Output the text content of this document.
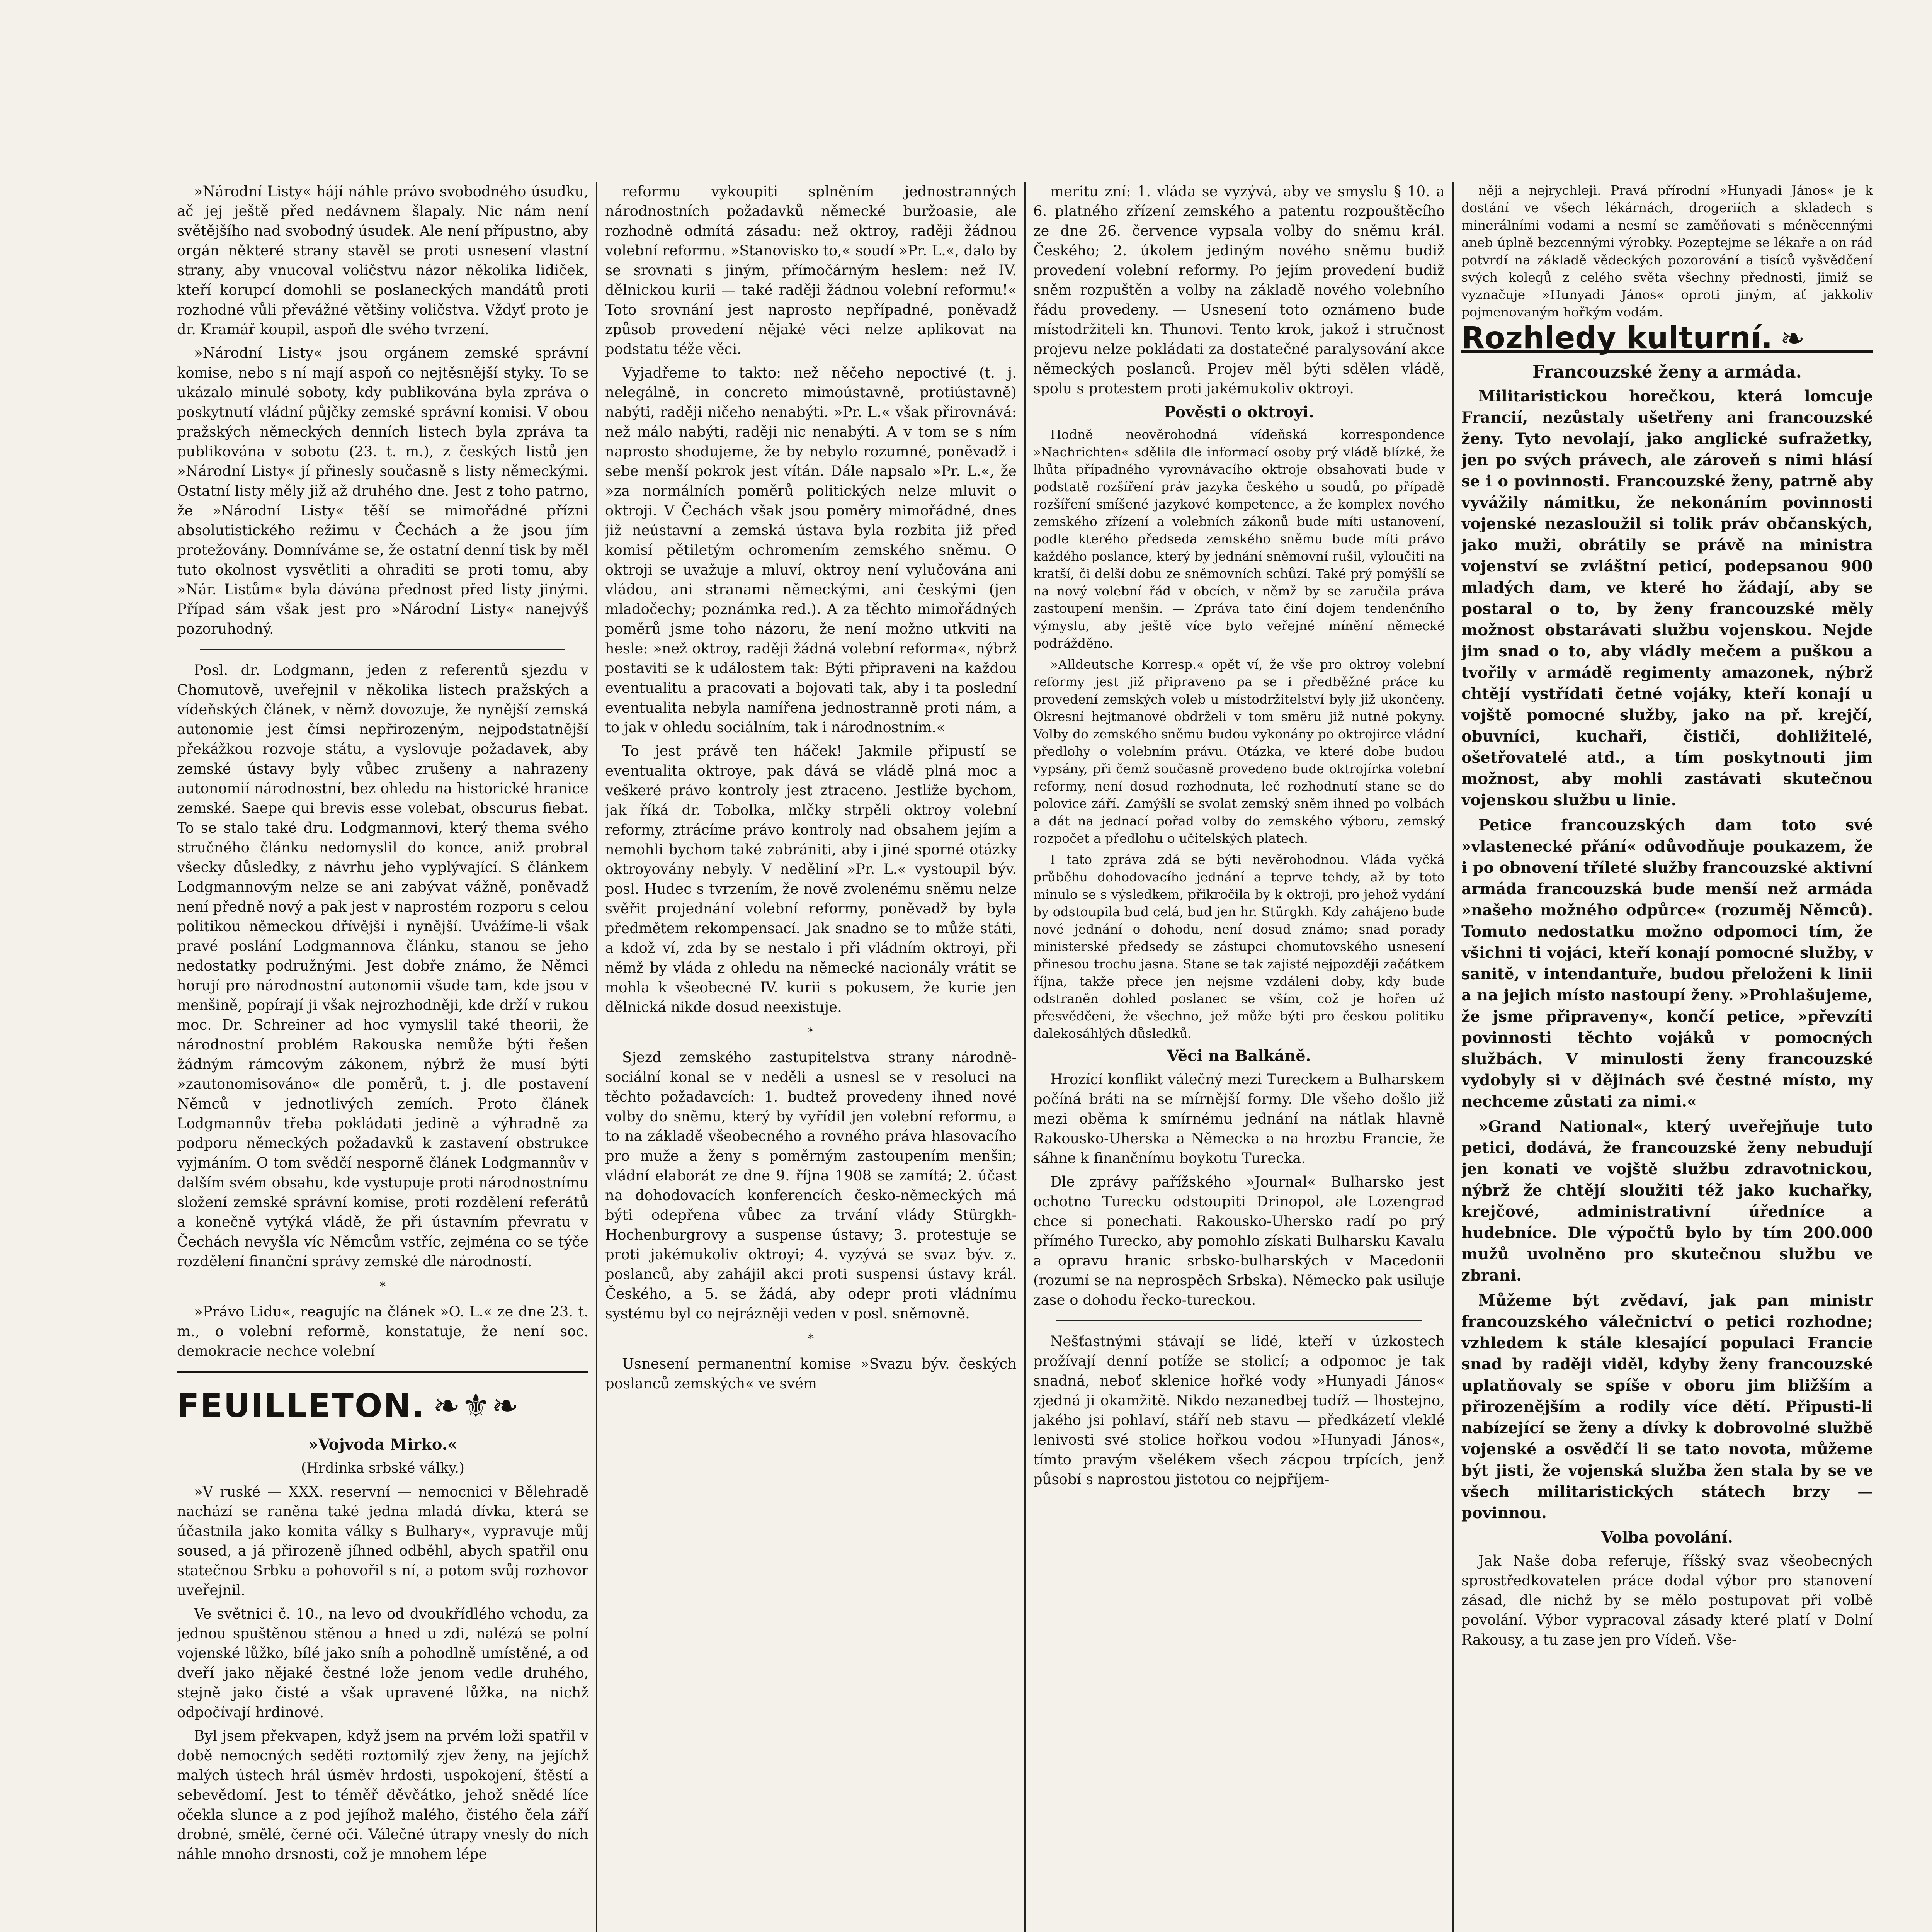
»Národní Listy« hájí náhle právo svobodného úsudku, ač jej ještě před nedávnem šlapaly. Nic nám není světějšího nad svobodný úsudek. Ale není přípustno, aby orgán některé strany stavěl se proti usnesení vlastní strany, aby vnucoval voličstvu názor několika lidiček, kteří korupcí domohli se poslaneckých mandátů proti rozhodné vůli převážné většiny voličstva. Vždyť proto je dr. Kramář koupil, aspoň dle svého tvrzení.

»Národní Listy« jsou orgánem zemské správní komise, nebo s ní mají aspoň co nejtěsnější styky. To se ukázalo minulé soboty, kdy publikována byla zpráva o poskytnutí vládní půjčky zemské správní komisi. V obou pražských německých denních listech byla zpráva ta publikována v sobotu (23. t. m.), z českých listů jen »Národní Listy« jí přinesly současně s listy německými. Ostatní listy měly již až druhého dne. Jest z toho patrno, že »Národní Listy« těší se mimořádné přízni absolutistického režimu v Čechách a že jsou jím protežovány. Domníváme se, že ostatní denní tisk by měl tuto okolnost vysvětliti a ohraditi se proti tomu, aby »Nár. Listům« byla dávána přednost před listy jinými. Případ sám však jest pro »Národní Listy« nanejvýš pozoruhodný.

Posl. dr. Lodgmann, jeden z referentů sjezdu v Chomutově, uveřejnil v několika listech pražských a vídeňských článek, v němž dovozuje, že nynější zemská autonomie jest čímsi nepřirozeným, nejpodstatnější překážkou rozvoje státu, a vyslovuje požadavek, aby zemské ústavy byly vůbec zrušeny a nahrazeny autonomií národnostní, bez ohledu na historické hranice zemské. Saepe qui brevis esse volebat, obscurus fiebat. To se stalo také dru. Lodgmannovi, který thema svého stručného článku nedomyslil do konce, aniž probral všecky důsledky, z návrhu jeho vyplývající. S článkem Lodgmannovým nelze se ani zabývat vážně, poněvadž není předně nový a pak jest v naprostém rozporu s celou politikou německou dřívější i nynější. Uvážíme-li však pravé poslání Lodgmannova článku, stanou se jeho nedostatky podružnými. Jest dobře známo, že Němci horují pro národnostní autonomii všude tam, kde jsou v menšině, popírají ji však nejrozhodněji, kde drží v rukou moc. Dr. Schreiner ad hoc vymyslil také theorii, že národnostní problém Rakouska nemůže býti řešen žádným rámcovým zákonem, nýbrž že musí býti »zautonomisováno« dle poměrů, t. j. dle postavení Němců v jednotlivých zemích. Proto článek Lodgmannův třeba pokládati jedině a výhradně za podporu německých požadavků k zastavení obstrukce vyjmáním. O tom svědčí nesporně článek Lodgmannův v dalším svém obsahu, kde vystupuje proti národnostnímu složení zemské správní komise, proti rozdělení referátů a konečně vytýká vládě, že při ústavním převratu v Čechách nevyšla víc Němcům vstříc, zejména co se týče rozdělení finanční správy zemské dle národností.

*

»Právo Lidu«, reagujíc na článek »O. L.« ze dne 23. t. m., o volební reformě, konstatuje, že není soc. demokracie nechce volební

FEUILLETON. ❧⚜❧

»Vojvoda Mirko.«

(Hrdinka srbské války.)

»V ruské — XXX. reservní — nemocnici v Bělehradě nachází se raněna také jedna mladá dívka, která se účastnila jako komita války s Bulhary«, vypravuje můj soused, a já přirozeně jíhned odběhl, abych spatřil onu statečnou Srbku a pohovořil s ní, a potom svůj rozhovor uveřejnil.

Ve světnici č. 10., na levo od dvoukřídlého vchodu, za jednou spuštěnou stěnou a hned u zdi, nalézá se polní vojenské lůžko, bílé jako sníh a pohodlně umístěné, a od dveří jako nějaké čestné lože jenom vedle druhého, stejně jako čisté a však upravené lůžka, na nichž odpočívají hrdinové.

Byl jsem překvapen, když jsem na prvém loži spatřil v době nemocných seděti roztomilý zjev ženy, na jejíchž malých ústech hrál úsměv hrdosti, uspokojení, štěstí a sebevědomí. Jest to téměř děvčátko, jehož snědé líce očekla slunce a z pod jejíhož malého, čistého čela září drobné, smělé, černé oči. Válečné útrapy vnesly do ních náhle mnoho drsnosti, což je mnohem lépe

reformu vykoupiti splněním jednostranných národnostních požadavků německé buržoasie, ale rozhodně odmítá zásadu: než oktroy, raději žádnou volební reformu. »Stanovisko to,« soudí »Pr. L.«, dalo by se srovnati s jiným, přímočárným heslem: než IV. dělnickou kurii — také raději žádnou volební reformu!« Toto srovnání jest naprosto nepřípadné, poněvadž způsob provedení nějaké věci nelze aplikovat na podstatu téže věci.

Vyjadřeme to takto: než něčeho nepoctivé (t. j. nelegálně, in concreto mimoústavně, protiústavně) nabýti, raději ničeho nenabýti. »Pr. L.« však přirovnává: než málo nabýti, raději nic nenabýti. A v tom se s ním naprosto shodujeme, že by nebylo rozumné, poněvadž i sebe menší pokrok jest vítán. Dále napsalo »Pr. L.«, že »za normálních poměrů politických nelze mluvit o oktroji. V Čechách však jsou poměry mimořádné, dnes již neústavní a zemská ústava byla rozbita již před komisí pětiletým ochromením zemského sněmu. O oktroji se uvažuje a mluví, oktroy není vylučována ani vládou, ani stranami německými, ani českými (jen mladočechy; poznámka red.). A za těchto mimořádných poměrů jsme toho názoru, že není možno utkviti na hesle: »než oktroy, raději žádná volební reforma«, nýbrž postaviti se k událostem tak: Býti připraveni na každou eventualitu a pracovati a bojovati tak, aby i ta poslední eventualita nebyla namířena jednostranně proti nám, a to jak v ohledu sociálním, tak i národnostním.«

To jest právě ten háček! Jakmile připustí se eventualita oktroye, pak dává se vládě plná moc a veškeré právo kontroly jest ztraceno. Jestliže bychom, jak říká dr. Tobolka, mlčky strpěli oktroy volební reformy, ztrácíme právo kontroly nad obsahem jejím a nemohli bychom také zabrániti, aby i jiné sporné otázky oktroyovány nebyly. V neděliní »Pr. L.« vystoupil býv. posl. Hudec s tvrzením, že nově zvolenému sněmu nelze svěřit projednání volební reformy, poněvadž by byla předmětem rekompensací. Jak snadno se to může státi, a kdož ví, zda by se nestalo i při vládním oktroyi, při němž by vláda z ohledu na německé nacionály vrátit se mohla k všeobecné IV. kurii s pokusem, že kurie jen dělnická nikde dosud neexistuje.

*

Sjezd zemského zastupitelstva strany národně-sociální konal se v neděli a usnesl se v resoluci na těchto požadavcích: 1. budtež provedeny ihned nové volby do sněmu, který by vyřídil jen volební reformu, a to na základě všeobecného a rovného práva hlasovacího pro muže a ženy s poměrným zastoupením menšin; vládní elaborát ze dne 9. října 1908 se zamítá; 2. účast na dohodovacích konferencích česko-německých má býti odepřena vůbec za trvání vlády Stürgkh-Hochenburgrovy a suspense ústavy; 3. protestuje se proti jakémukoliv oktroyi; 4. vyzývá se svaz býv. z. poslanců, aby zahájil akci proti suspensi ústavy král. Českého, a 5. se žádá, aby odepr proti vládnímu systému byl co nejrázněji veden v posl. sněmovně.

*

Usnesení permanentní komise »Svazu býv. českých poslanců zemských« ve svém

meritu zní: 1. vláda se vyzývá, aby ve smyslu § 10. a 6. platného zřízení zemského a patentu rozpouštěcího ze dne 26. července vypsala volby do sněmu král. Českého; 2. úkolem jediným nového sněmu budiž provedení volební reformy. Po jejím provedení budiž sněm rozpuštěn a volby na základě nového volebního řádu provedeny. — Usnesení toto oznámeno bude místodržiteli kn. Thunovi. Tento krok, jakož i stručnost projevu nelze pokládati za dostatečné paralysování akce německých poslanců. Projev měl býti sdělen vládě, spolu s protestem proti jakémukoliv oktroyi.

Pověsti o oktroyi.

Hodně neověrohodná vídeňská korrespondence »Nachrichten« sdělila dle informací osoby prý vládě blízké, že lhůta případného vyrovnávacího oktroje obsahovati bude v podstatě rozšíření práv jazyka českého u soudů, po případě rozšíření smíšené jazykové kompetence, a že komplex nového zemského zřízení a volebních zákonů bude míti ustanovení, podle kterého předseda zemského sněmu bude míti právo každého poslance, který by jednání sněmovní rušil, vyloučiti na kratší, či delší dobu ze sněmovních schůzí. Také prý pomýšlí se na nový volební řád v obcích, v němž by se zaručila práva zastoupení menšin. — Zpráva tato činí dojem tendenčního výmyslu, aby ještě více bylo veřejné mínění německé podrážděno.

»Alldeutsche Korresp.« opět ví, že vše pro oktroy volební reformy jest již připraveno pa se i předběžné práce ku provedení zemských voleb u místodržitelství byly již ukončeny. Okresní hejtmanové obdrželi v tom směru již nutné pokyny. Volby do zemského sněmu budou vykonány po oktrojirce vládní předlohy o volebním právu. Otázka, ve které dobe budou vypsány, při čemž současně provedeno bude oktrojírka volební reformy, není dosud rozhodnuta, leč rozhodnutí stane se do polovice září. Zamýšlí se svolat zemský sněm ihned po volbách a dát na jednací pořad volby do zemského výboru, zemský rozpočet a předlohu o učitelských platech.

I tato zpráva zdá se býti nevěrohodnou. Vláda vyčká průběhu dohodovacího jednání a teprve tehdy, až by toto minulo se s výsledkem, přikročila by k oktroji, pro jehož vydání by odstoupila bud celá, bud jen hr. Stürgkh. Kdy zahájeno bude nové jednání o dohodu, není dosud známo; snad porady ministerské předsedy se zástupci chomutovského usnesení přinesou trochu jasna. Stane se tak zajisté nejpozději začátkem října, takže přece jen nejsme vzdáleni doby, kdy bude odstraněn dohled poslanec se vším, což je hořen už přesvědčeni, že všechno, jež může býti pro českou politiku dalekosáhlých důsledků.

Věci na Balkáně.

Hrozící konflikt válečný mezi Tureckem a Bulharskem počíná bráti na se mírnější formy. Dle všeho došlo již mezi oběma k smírnému jednání na nátlak hlavně Rakousko-Uherska a Německa a na hrozbu Francie, že sáhne k finančnímu boykotu Turecka.

Dle zprávy pařížského »Journal« Bulharsko jest ochotno Turecku odstoupiti Drinopol, ale Lozengrad chce si ponechati. Rakousko-Uhersko radí po prý přímého Turecko, aby pomohlo získati Bulharsku Kavalu a opravu hranic srbsko-bulharských v Macedonii (rozumí se na neprospěch Srbska). Německo pak usiluje zase o dohodu řecko-tureckou.

Nešťastnými stávají se lidé, kteří v úzkostech prožívají denní potíže se stolicí; a odpomoc je tak snadná, neboť sklenice hořké vody »Hunyadi János« zjedná ji okamžitě. Nikdo nezanedbej tudíž — lhostejno, jakého jsi pohlaví, stáří neb stavu — předkázetí vleklé lenivosti své stolice hořkou vodou »Hunyadi János«, tímto pravým všelékem všech zácpou trpících, jenž působí s naprostou jistotou co nejpříjem-

něji a nejrychleji. Pravá přírodní »Hunyadi János« je k dostání ve všech lékárnách, drogeriích a skladech s minerálními vodami a nesmí se zaměňovati s méněcennými aneb úplně bezcennými výrobky. Pozeptejme se lékaře a on rád potvrdí na základě vědeckých pozorování a tisíců vyšvědčení svých kolegů z celého světa všechny přednosti, jimiž se vyznačuje »Hunyadi János« oproti jiným, ať jakkoliv pojmenovaným hořkým vodám.

Rozhledy kulturní. ❧

Francouzské ženy a armáda.

Militaristickou horečkou, která lomcuje Francií, nezůstaly ušetřeny ani francouzské ženy. Tyto nevolají, jako anglické sufražetky, jen po svých právech, ale zároveň s nimi hlásí se i o povinnosti. Francouzské ženy, patrně aby vyvážily námitku, že nekonáním povinnosti vojenské nezasloužil si tolik práv občanských, jako muži, obrátily se právě na ministra vojenství se zvláštní peticí, podepsanou 900 mladých dam, ve které ho žádají, aby se postaral o to, by ženy francouzské měly možnost obstarávati službu vojenskou. Nejde jim snad o to, aby vládly mečem a puškou a tvořily v armádě regimenty amazonek, nýbrž chtějí vystřídati četné vojáky, kteří konají u vojště pomocné služby, jako na př. krejčí, obuvníci, kuchaři, čističi, dohližitelé, ošetřovatelé atd., a tím poskytnouti jim možnost, aby mohli zastávati skutečnou vojenskou službu u linie.

Petice francouzských dam toto své »vlastenecké přání« odůvodňuje poukazem, že i po obnovení tříleté služby francouzské aktivní armáda francouzská bude menší než armáda »našeho možného odpůrce« (rozuměj Němců). Tomuto nedostatku možno odpomoci tím, že všichni ti vojáci, kteří konají pomocné služby, v sanitě, v intendantuře, budou přeloženi k linii a na jejich místo nastoupí ženy. »Prohlašujeme, že jsme připraveny«, končí petice, »převzíti povinnosti těchto vojáků v pomocných službách. V minulosti ženy francouzské vydobyly si v dějinách své čestné místo, my nechceme zůstati za nimi.«

»Grand National«, který uveřejňuje tuto petici, dodává, že francouzské ženy nebudují jen konati ve vojště službu zdravotnickou, nýbrž že chtějí sloužiti též jako kuchařky, krejčové, administrativní úředníce a hudebníce. Dle výpočtů bylo by tím 200.000 mužů uvolněno pro skutečnou službu ve zbrani.

Můžeme být zvědaví, jak pan ministr francouzského válečnictví o petici rozhodne; vzhledem k stále klesající populaci Francie snad by raději viděl, kdyby ženy francouzské uplatňovaly se spíše v oboru jim bližším a přirozenějším a rodily více dětí. Připusti-li nabízející se ženy a dívky k dobrovolné službě vojenské a osvědčí li se tato novota, můžeme být jisti, že vojenská služba žen stala by se ve všech militaristických státech brzy — povinnou.

Volba povolání.

Jak Naše doba referuje, říšský svaz všeobecných sprostředkovatelen práce dodal výbor pro stanovení zásad, dle nichž by se mělo postupovat při volbě povolání. Výbor vypracoval zásady které platí v Dolní Rakousy, a tu zase jen pro Vídeň. Vše-
